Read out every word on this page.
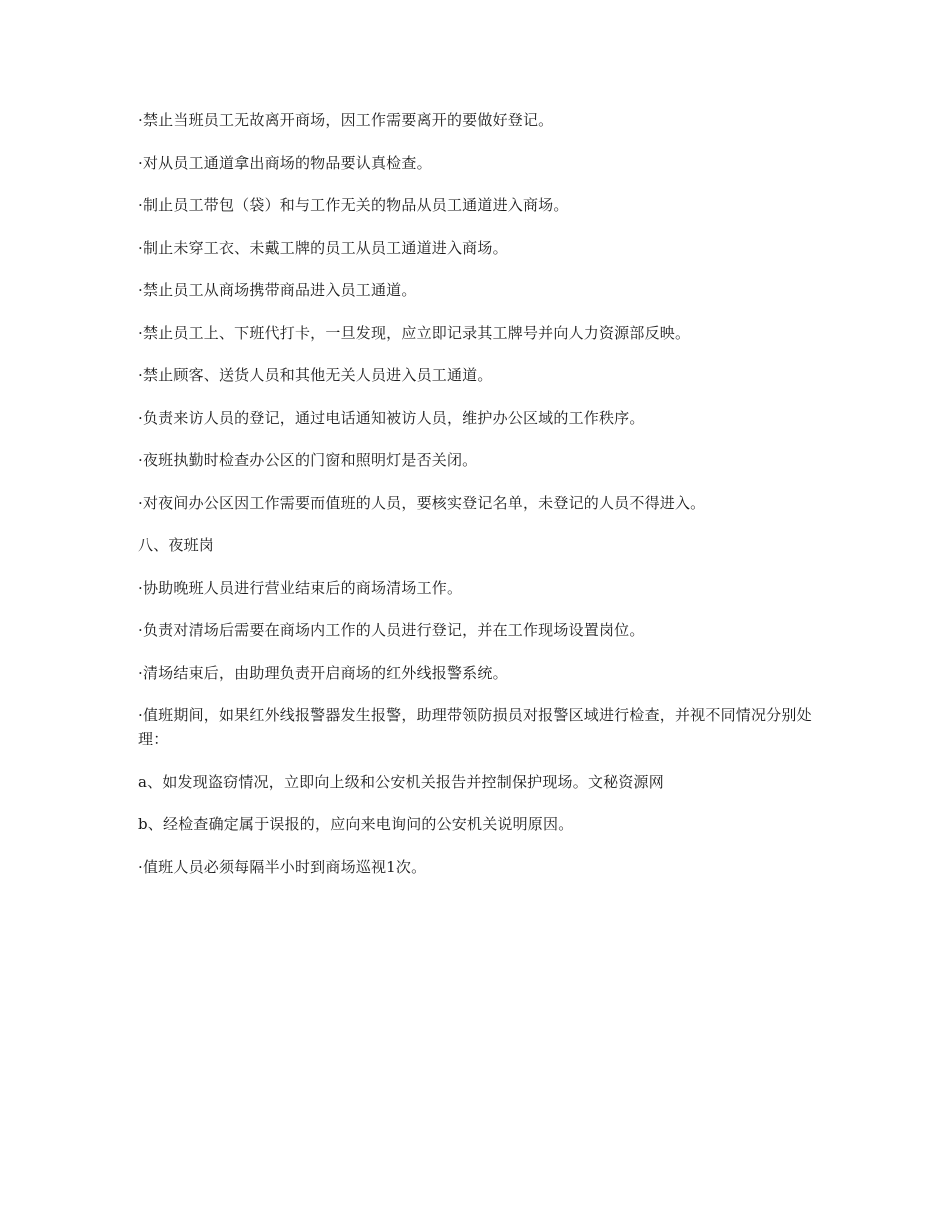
·禁止当班员工无故离开商场，因工作需要离开的要做好登记。

·对从员工通道拿出商场的物品要认真检查。

·制止员工带包（袋）和与工作无关的物品从员工通道进入商场。

·制止未穿工衣、未戴工牌的员工从员工通道进入商场。

·禁止员工从商场携带商品进入员工通道。

·禁止员工上、下班代打卡，一旦发现，应立即记录其工牌号并向人力资源部反映。

·禁止顾客、送货人员和其他无关人员进入员工通道。

·负责来访人员的登记，通过电话通知被访人员，维护办公区域的工作秩序。

·夜班执勤时检查办公区的门窗和照明灯是否关闭。

·对夜间办公区因工作需要而值班的人员，要核实登记名单，未登记的人员不得进入。

八、夜班岗

·协助晚班人员进行营业结束后的商场清场工作。

·负责对清场后需要在商场内工作的人员进行登记，并在工作现场设置岗位。

·清场结束后，由助理负责开启商场的红外线报警系统。

·值班期间，如果红外线报警器发生报警，助理带领防损员对报警区域进行检查，并视不同情况分别处理：

a、如发现盗窃情况，立即向上级和公安机关报告并控制保护现场。文秘资源网

b、经检查确定属于误报的，应向来电询问的公安机关说明原因。

·值班人员必须每隔半小时到商场巡视1次。
